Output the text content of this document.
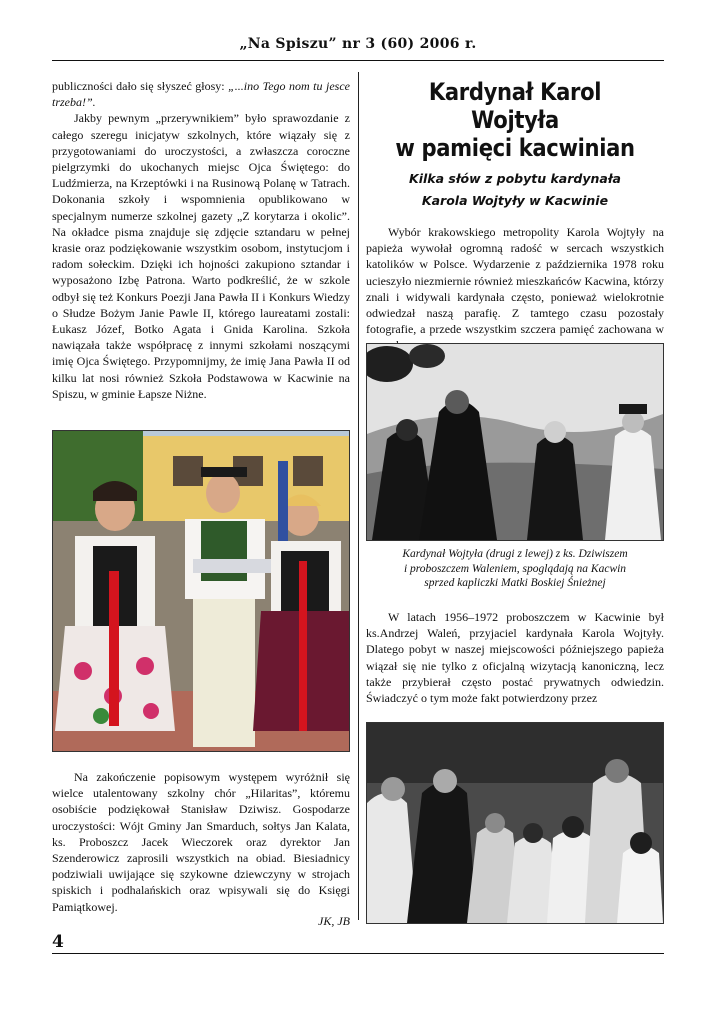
„Na Spiszu” nr 3 (60) 2006 r.

publiczności dało się słyszeć głosy: „...ino Tego nom tu jesce trzeba!”.

Jakby pewnym „przerywnikiem” było sprawozdanie z całego szeregu inicjatyw szkolnych, które wiązały się z przygotowaniami do uroczystości, a zwłaszcza coroczne pielgrzymki do ukochanych miejsc Ojca Świętego: do Ludźmierza, na Krzeptówki i na Rusinową Polanę w Tatrach. Dokonania szkoły i wspomnienia opublikowano w specjalnym numerze szkolnej gazety „Z korytarza i okolic”. Na okładce pisma znajduje się zdjęcie sztandaru w pełnej krasie oraz podziękowanie wszystkim osobom, instytucjom i radom sołeckim. Dzięki ich hojności zakupiono sztandar i wyposażono Izbę Patrona. Warto podkreślić, że w szkole odbył się też Konkurs Poezji Jana Pawła II i Konkurs Wiedzy o Słudze Bożym Janie Pawle II, którego laureatami zostali: Łukasz Józef, Botko Agata i Gnida Karolina. Szkoła nawiązała także współpracę z innymi szkołami noszącymi imię Ojca Świętego. Przypomnijmy, że imię Jana Pawła II od kilku lat nosi również Szkoła Podstawowa w Kacwinie na Spiszu, w gminie Łapsze Niżne.

Na zakończenie popisowym występem wyróżnił się wielce utalentowany szkolny chór „Hilaritas”, któremu osobiście podziękował Stanisław Dziwisz. Gospodarze uroczystości: Wójt Gminy Jan Smarduch, sołtys Jan Kalata, ks. Proboszcz Jacek Wieczorek oraz dyrektor Jan Szenderowicz zaprosili wszystkich na obiad. Biesiadnicy podziwiali uwijające się szykowne dziewczyny w strojach spiskich i podhalańskich oraz wpisywali się do Księgi Pamiątkowej.

JK, JB
Kardynał Karol Wojtyła
w pamięci kacwinian
Kilka słów z pobytu kardynała
Karola Wojtyły w Kacwinie

Wybór krakowskiego metropolity Karola Wojtyły na papieża wywołał ogromną radość w sercach wszystkich katolików w Polsce. Wydarzenie z października 1978 roku ucieszyło niezmiernie również mieszkańców Kacwina, którzy znali i widywali kardynała często, ponieważ wielokrotnie odwiedzał naszą parafię. Z tamtego czasu pozostały fotografie, a przede wszystkim szczera pamięć zachowana w

Kardynał Wojtyła (drugi z lewej) z ks. Dziwiszem
i proboszczem Waleniem, spoglądają na Kacwin
sprzed kapliczki Matki Boskiej Śnieżnej

W latach 1956–1972 proboszczem w Kacwinie był ks.Andrzej Waleń, przyjaciel kardynała Karola Wojtyły. Dlatego pobyt w naszej miejscowości późniejszego papieża wiązał się nie tylko z oficjalną wizytacją kanoniczną, lecz także przybierał często postać prywatnych odwiedzin. Świadczyć o tym może fakt potwierdzony przez

4
